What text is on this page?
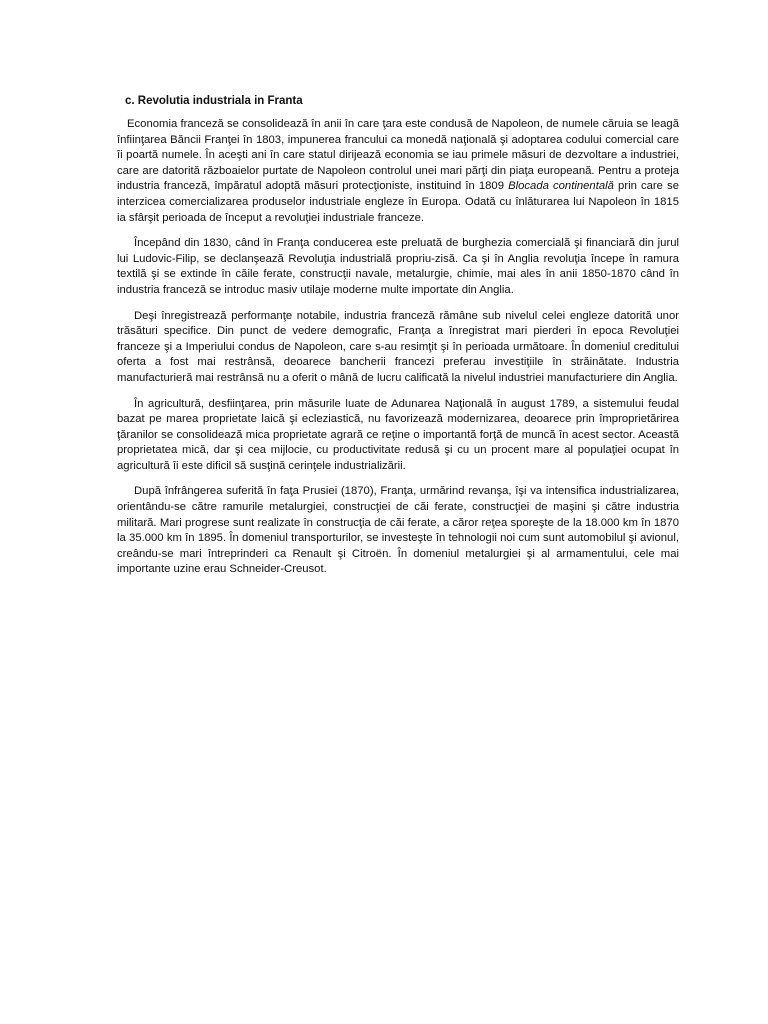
c. Revolutia industriala in Franta

Economia franceză se consolidează în anii în care ţara este condusă de Napoleon, de numele căruia se leagă înfiinţarea Băncii Franţei în 1803, impunerea francului ca monedă naţională şi adoptarea codului comercial care îi poartă numele. În aceşti ani în care statul dirijează economia se iau primele măsuri de dezvoltare a industriei, care are datorită războaielor purtate de Napoleon controlul unei mari părţi din piaţa europeană. Pentru a proteja industria franceză, împăratul adoptă măsuri protecţioniste, instituind în 1809 Blocada continentală prin care se interzicea comercializarea produselor industriale engleze în Europa. Odată cu înlăturarea lui Napoleon în 1815 ia sfârşit perioada de început a revoluţiei industriale franceze.

Începând din 1830, când în Franţa conducerea este preluată de burghezia comercială şi financiară din jurul lui Ludovic-Filip, se declanşează Revoluţia industrială propriu-zisă. Ca şi în Anglia revoluţia începe în ramura textilă şi se extinde în căile ferate, construcţii navale, metalurgie, chimie, mai ales în anii 1850-1870 când în industria franceză se introduc masiv utilaje moderne multe importate din Anglia.

Deşi înregistrează performanţe notabile, industria franceză rămâne sub nivelul celei engleze datorită unor trăsături specifice. Din punct de vedere demografic, Franţa a înregistrat mari pierderi în epoca Revoluţiei franceze şi a Imperiului condus de Napoleon, care s-au resimţit şi în perioada următoare. În domeniul creditului oferta a fost mai restrânsă, deoarece bancherii francezi preferau investiţiile în străinătate. Industria manufacturieră mai restrânsă nu a oferit o mână de lucru calificată la nivelul industriei manufacturiere din Anglia.

În agricultură, desfiinţarea, prin măsurile luate de Adunarea Naţională în august 1789, a sistemului feudal bazat pe marea proprietate laică şi ecleziastică, nu favorizează modernizarea, deoarece prin împroprietărirea ţăranilor se consolidează mica proprietate agrară ce reţine o importantă forţă de muncă în acest sector. Această proprietatea mică, dar şi cea mijlocie, cu productivitate redusă şi cu un procent mare al populaţiei ocupat în agricultură îi este dificil să susţină cerinţele industrializării.

După înfrângerea suferită în faţa Prusiei (1870), Franţa, urmărind revanşa, îşi va intensifica industrializarea, orientându-se către ramurile metalurgiei, construcţiei de căi ferate, construcţiei de maşini şi către industria militară. Mari progrese sunt realizate în construcţia de căi ferate, a căror reţea sporeşte de la 18.000 km în 1870 la 35.000 km în 1895. În domeniul transporturilor, se investeşte în tehnologii noi cum sunt automobilul şi avionul, creându-se mari întreprinderi ca Renault şi Citroën. În domeniul metalurgiei şi al armamentului, cele mai importante uzine erau Schneider-Creusot.
